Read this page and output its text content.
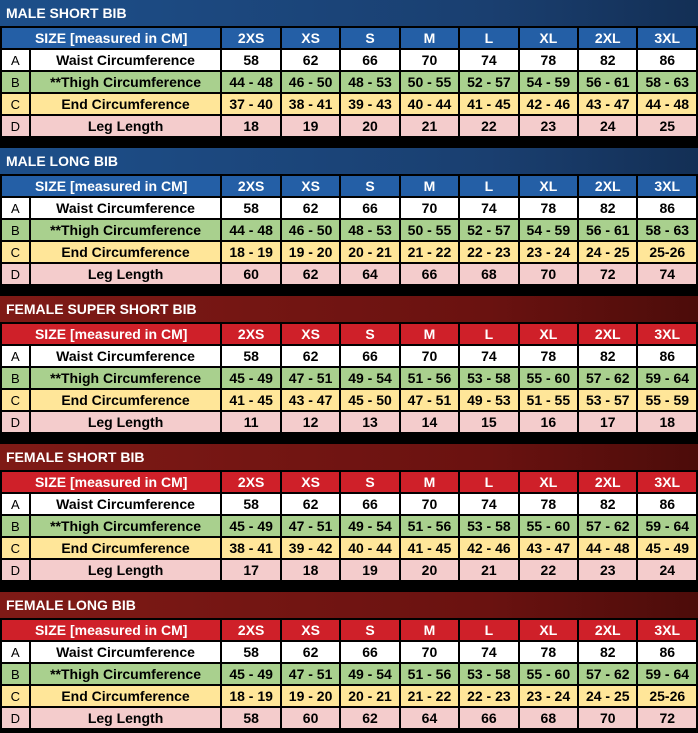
MALE SHORT BIB
SIZE [measured in CM]		2XS	XS	S	M	L	XL	2XL	3XL
A	Waist Circumference	58	62	66	70	74	78	82	86
B	**Thigh Circumference	44 - 48	46 - 50	48 - 53	50 - 55	52 - 57	54 - 59	56 - 61	58 - 63
C	End Circumference	37 - 40	38 - 41	39 - 43	40 - 44	41 - 45	42 - 46	43 - 47	44 - 48
D	Leg Length	18	19	20	21	22	23	24	25
MALE LONG BIB
SIZE [measured in CM]		2XS	XS	S	M	L	XL	2XL	3XL
A	Waist Circumference	58	62	66	70	74	78	82	86
B	**Thigh Circumference	44 - 48	46 - 50	48 - 53	50 - 55	52 - 57	54 - 59	56 - 61	58 - 63
C	End Circumference	18 - 19	19 - 20	20 - 21	21 - 22	22 - 23	23 - 24	24 - 25	25-26
D	Leg Length	60	62	64	66	68	70	72	74
FEMALE SUPER SHORT BIB
SIZE [measured in CM]		2XS	XS	S	M	L	XL	2XL	3XL
A	Waist Circumference	58	62	66	70	74	78	82	86
B	**Thigh Circumference	45 - 49	47 - 51	49 - 54	51 - 56	53 - 58	55 - 60	57 - 62	59 - 64
C	End Circumference	41 - 45	43 - 47	45 - 50	47 - 51	49 - 53	51 - 55	53 - 57	55 - 59
D	Leg Length	11	12	13	14	15	16	17	18
FEMALE SHORT BIB
SIZE [measured in CM]		2XS	XS	S	M	L	XL	2XL	3XL
A	Waist Circumference	58	62	66	70	74	78	82	86
B	**Thigh Circumference	45 - 49	47 - 51	49 - 54	51 - 56	53 - 58	55 - 60	57 - 62	59 - 64
C	End Circumference	38 - 41	39 - 42	40 - 44	41 - 45	42 - 46	43 - 47	44 - 48	45 - 49
D	Leg Length	17	18	19	20	21	22	23	24
FEMALE LONG BIB
SIZE [measured in CM]		2XS	XS	S	M	L	XL	2XL	3XL
A	Waist Circumference	58	62	66	70	74	78	82	86
B	**Thigh Circumference	45 - 49	47 - 51	49 - 54	51 - 56	53 - 58	55 - 60	57 - 62	59 - 64
C	End Circumference	18 - 19	19 - 20	20 - 21	21 - 22	22 - 23	23 - 24	24 - 25	25-26
D	Leg Length	58	60	62	64	66	68	70	72
